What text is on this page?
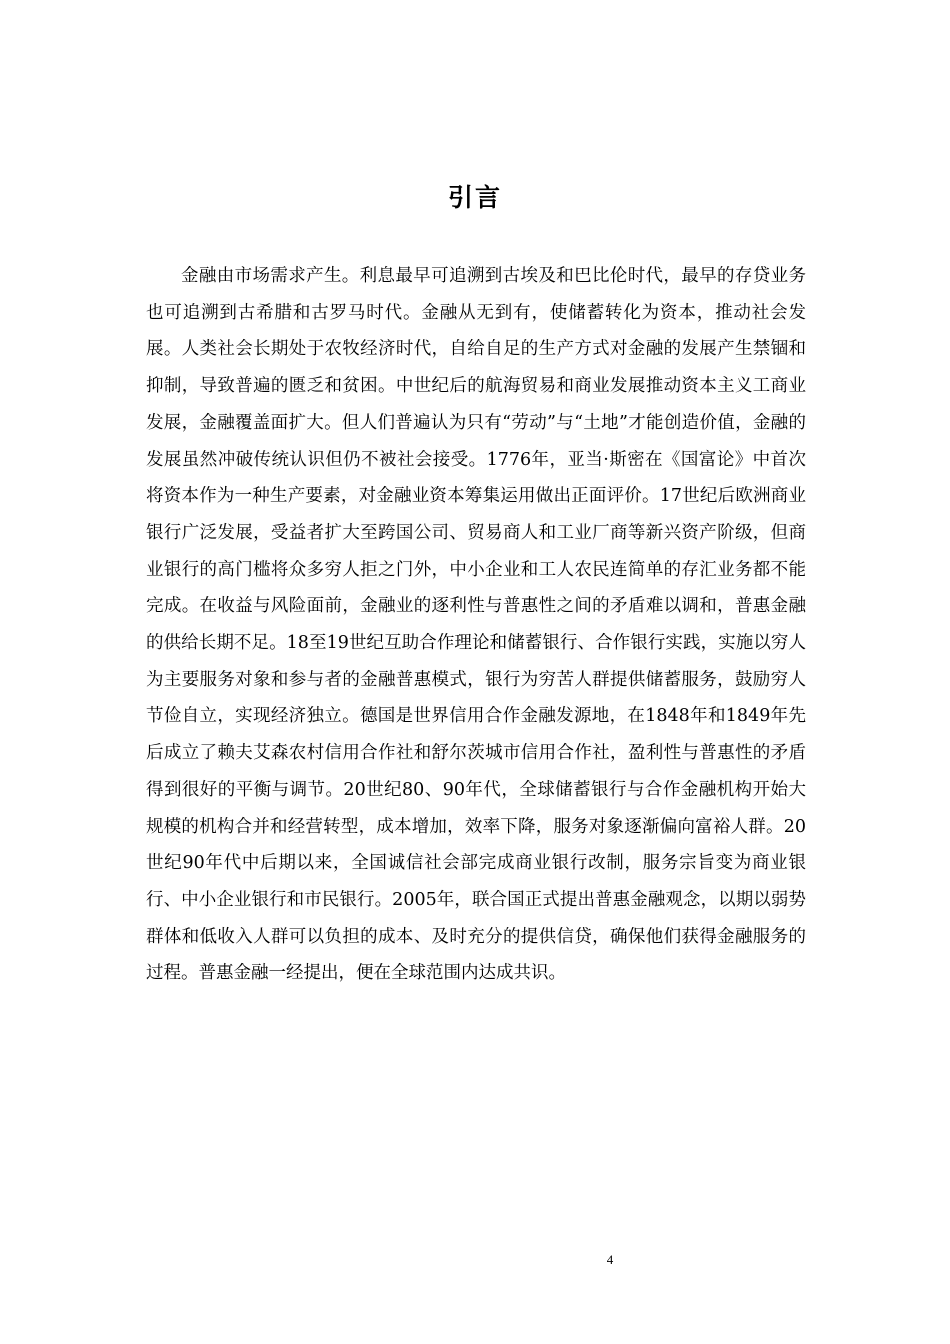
引言

金融由市场需求产生。利息最早可追溯到古埃及和巴比伦时代，最早的存贷业务也可追溯到古希腊和古罗马时代。金融从无到有，使储蓄转化为资本，推动社会发展。人类社会长期处于农牧经济时代，自给自足的生产方式对金融的发展产生禁锢和抑制，导致普遍的匮乏和贫困。中世纪后的航海贸易和商业发展推动资本主义工商业发展，金融覆盖面扩大。但人们普遍认为只有“劳动”与“土地”才能创造价值，金融的发展虽然冲破传统认识但仍不被社会接受。1776年，亚当·斯密在《国富论》中首次将资本作为一种生产要素，对金融业资本筹集运用做出正面评价。17世纪后欧洲商业银行广泛发展，受益者扩大至跨国公司、贸易商人和工业厂商等新兴资产阶级，但商业银行的高门槛将众多穷人拒之门外，中小企业和工人农民连简单的存汇业务都不能完成。在收益与风险面前，金融业的逐利性与普惠性之间的矛盾难以调和，普惠金融的供给长期不足。18至19世纪互助合作理论和储蓄银行、合作银行实践，实施以穷人为主要服务对象和参与者的金融普惠模式，银行为穷苦人群提供储蓄服务，鼓励穷人节俭自立，实现经济独立。德国是世界信用合作金融发源地，在1848年和1849年先后成立了赖夫艾森农村信用合作社和舒尔茨城市信用合作社，盈利性与普惠性的矛盾得到很好的平衡与调节。20世纪80、90年代，全球储蓄银行与合作金融机构开始大规模的机构合并和经营转型，成本增加，效率下降，服务对象逐渐偏向富裕人群。20世纪90年代中后期以来，全国诚信社会部完成商业银行改制，服务宗旨变为商业银行、中小企业银行和市民银行。2005年，联合国正式提出普惠金融观念，以期以弱势群体和低收入人群可以负担的成本、及时充分的提供信贷，确保他们获得金融服务的过程。普惠金融一经提出，便在全球范围内达成共识。

4
